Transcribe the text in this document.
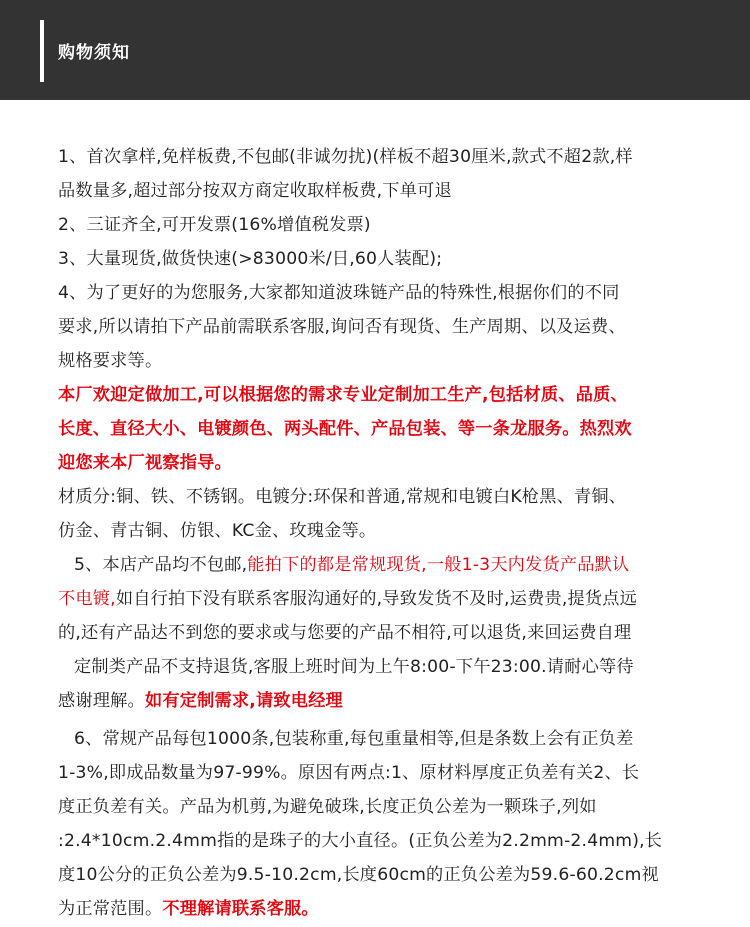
购物须知

1、首次拿样,免样板费,不包邮(非诚勿扰)(样板不超30厘米,款式不超2款,样

品数量多,超过部分按双方商定收取样板费,下单可退

2、三证齐全,可开发票(16%增值税发票)

3、大量现货,做货快速(>83000米/日,60人装配);

4、为了更好的为您服务,大家都知道波珠链产品的特殊性,根据你们的不同

要求,所以请拍下产品前需联系客服,询问否有现货、生产周期、以及运费、

规格要求等。

本厂欢迎定做加工,可以根据您的需求专业定制加工生产,包括材质、品质、

长度、直径大小、电镀颜色、两头配件、产品包装、等一条龙服务。热烈欢

迎您来本厂视察指导。

材质分:铜、铁、不锈钢。电镀分:环保和普通,常规和电镀白K枪黑、青铜、

仿金、青古铜、仿银、KC金、玫瑰金等。

5、本店产品均不包邮,能拍下的都是常规现货,一般1-3天内发货产品默认

不电镀,如自行拍下没有联系客服沟通好的,导致发货不及时,运费贵,提货点远

的,还有产品达不到您的要求或与您要的产品不相符,可以退货,来回运费自理

定制类产品不支持退货,客服上班时间为上午8:00-下午23:00.请耐心等待

感谢理解。如有定制需求,请致电经理

6、常规产品每包1000条,包装称重,每包重量相等,但是条数上会有正负差

1-3%,即成品数量为97-99%。原因有两点:1、原材料厚度正负差有关2、长

度正负差有关。产品为机剪,为避免破珠,长度正负公差为一颗珠子,列如

:2.4*10cm.2.4mm指的是珠子的大小直径。(正负公差为2.2mm-2.4mm),长

度10公分的正负公差为9.5-10.2cm,长度60cm的正负公差为59.6-60.2cm视

为正常范围。不理解请联系客服。
